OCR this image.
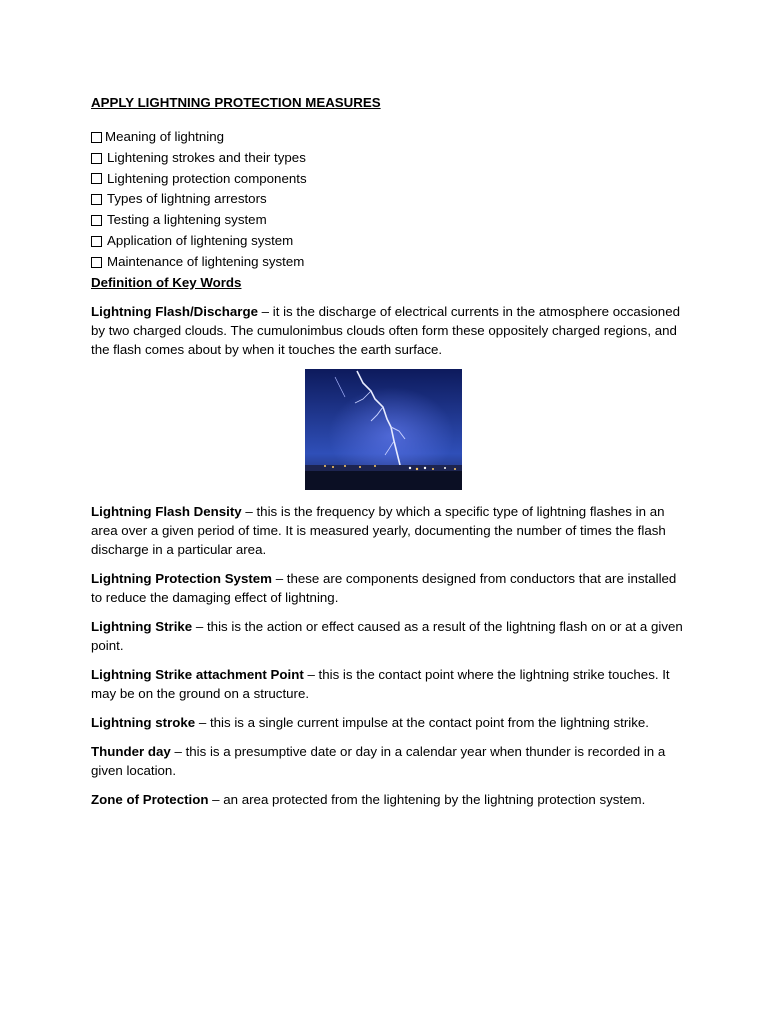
APPLY LIGHTNING PROTECTION MEASURES
Meaning of lightning
Lightening strokes and their types
Lightening protection components
Types of lightning arrestors
Testing a lightening system
Application of lightening system
Maintenance of lightening system
Definition of Key Words

Lightning Flash/Discharge – it is the discharge of electrical currents in the atmosphere occasioned by two charged clouds. The cumulonimbus clouds often form these oppositely charged regions, and the flash comes about by when it touches the earth surface.

Lightning Flash Density – this is the frequency by which a specific type of lightning flashes in an area over a given period of time. It is measured yearly, documenting the number of times the flash discharge in a particular area.

Lightning Protection System – these are components designed from conductors that are installed to reduce the damaging effect of lightning.

Lightning Strike – this is the action or effect caused as a result of the lightning flash on or at a given point.

Lightning Strike attachment Point – this is the contact point where the lightning strike touches. It may be on the ground on a structure.

Lightning stroke – this is a single current impulse at the contact point from the lightning strike.

Thunder day – this is a presumptive date or day in a calendar year when thunder is recorded in a given location.

Zone of Protection – an area protected from the lightening by the lightning protection system.
